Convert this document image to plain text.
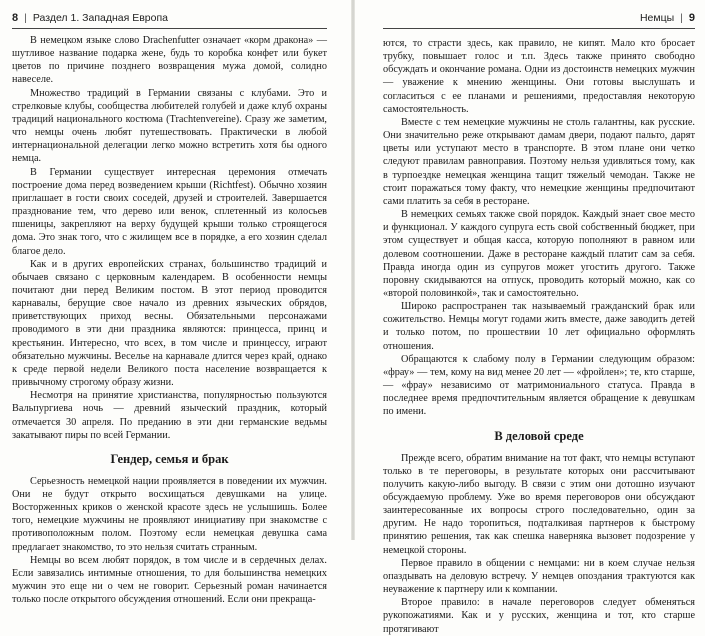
8 | Раздел 1. Западная Европа

В немецком языке слово Drachenfutter означает «корм дракона» — шутливое название подарка жене, будь то коробка конфет или букет цветов по причине позднего возвращения мужа домой, солидно навеселе.

Множество традиций в Германии связаны с клубами. Это и стрелковые клубы, сообщества любителей голубей и даже клуб охраны традиций национального костюма (Trachtenvereine). Сразу же заметим, что немцы очень любят путешествовать. Практически в любой интернациональной делегации легко можно встретить хотя бы одного немца.

В Германии существует интересная церемония отмечать построение дома перед возведением крыши (Richtfest). Обычно хозяин приглашает в гости своих соседей, друзей и строителей. Завершается празднование тем, что дерево или венок, сплетенный из колосьев пшеницы, закрепляют на верху будущей крыши только строящегося дома. Это знак того, что с жилищем все в порядке, а его хозяин сделал благое дело.

Как и в других европейских странах, большинство традиций и обычаев связано с церковным календарем. В особенности немцы почитают дни перед Великим постом. В этот период проводится карнавалы, берущие свое начало из древних языческих обрядов, приветствующих приход весны. Обязательными персонажами проводимого в эти дни праздника являются: принцесса, принц и крестьянин. Интересно, что всех, в том числе и принцессу, играют обязательно мужчины. Веселье на карнавале длится через край, однако к среде первой недели Великого поста население возвращается к привычному строгому образу жизни.

Несмотря на принятие христианства, популярностью пользуются Вальпургиева ночь — древний языческий праздник, который отмечается 30 апреля. По преданию в эти дни германские ведьмы закатывают пиры по всей Германии.

Гендер, семья и брак

Серьезность немецкой нации проявляется в поведении их мужчин. Они не будут открыто восхищаться девушками на улице. Восторженных криков о женской красоте здесь не услышишь. Более того, немецкие мужчины не проявляют инициативу при знакомстве с противоположным полом. Поэтому если немецкая девушка сама предлагает знакомство, то это нельзя считать странным.

Немцы во всем любят порядок, в том числе и в сердечных делах. Если завязались интимные отношения, то для большинства немецких мужчин это еще ни о чем не говорит. Серьезный роман начинается только после открытого обсуждения отношений. Если они прекраща-

Немцы | 9

ются, то страсти здесь, как правило, не кипят. Мало кто бросает трубку, повышает голос и т.п. Здесь также принято свободно обсуждать и окончание романа. Одни из достоинств немецких мужчин — уважение к мнению женщины. Они готовы выслушать и согласиться с ее планами и решениями, предоставляя некоторую самостоятельность.

Вместе с тем немецкие мужчины не столь галантны, как русские. Они значительно реже открывают дамам двери, подают пальто, дарят цветы или уступают место в транспорте. В этом плане они четко следуют правилам равноправия. Поэтому нельзя удивляться тому, как в турпоездке немецкая женщина тащит тяжелый чемодан. Также не стоит поражаться тому факту, что немецкие женщины предпочитают сами платить за себя в ресторане.

В немецких семьях также свой порядок. Каждый знает свое место и функционал. У каждого супруга есть свой собственный бюджет, при этом существует и общая касса, которую пополняют в равном или долевом соотношении. Даже в ресторане каждый платит сам за себя. Правда иногда один из супругов может угостить другого. Также поровну скидываются на отпуск, проводить который можно, как со «второй половинкой», так и самостоятельно.

Широко распространен так называемый гражданский брак или сожительство. Немцы могут годами жить вместе, даже заводить детей и только потом, по прошествии 10 лет официально оформлять отношения.

Обращаются к слабому полу в Германии следующим образом: «фрау» — тем, кому на вид менее 20 лет — «фройлен»; те, кто старше, — «фрау» независимо от матримониального статуса. Правда в последнее время предпочтительным является обращение к девушкам по имени.

В деловой среде

Прежде всего, обратим внимание на тот факт, что немцы вступают только в те переговоры, в результате которых они рассчитывают получить какую-либо выгоду. В связи с этим они дотошно изучают обсуждаемую проблему. Уже во время переговоров они обсуждают заинтересованные их вопросы строго последовательно, один за другим. Не надо торопиться, подталкивая партнеров к быстрому принятию решения, так как спешка наверняка вызовет подозрение у немецкой стороны.

Первое правило в общении с немцами: ни в коем случае нельзя опаздывать на деловую встречу. У немцев опоздания трактуются как неуважение к партнеру или к компании.

Второе правило: в начале переговоров следует обменяться рукопожатиями. Как и у русских, женщина и тот, кто старше протягивают
